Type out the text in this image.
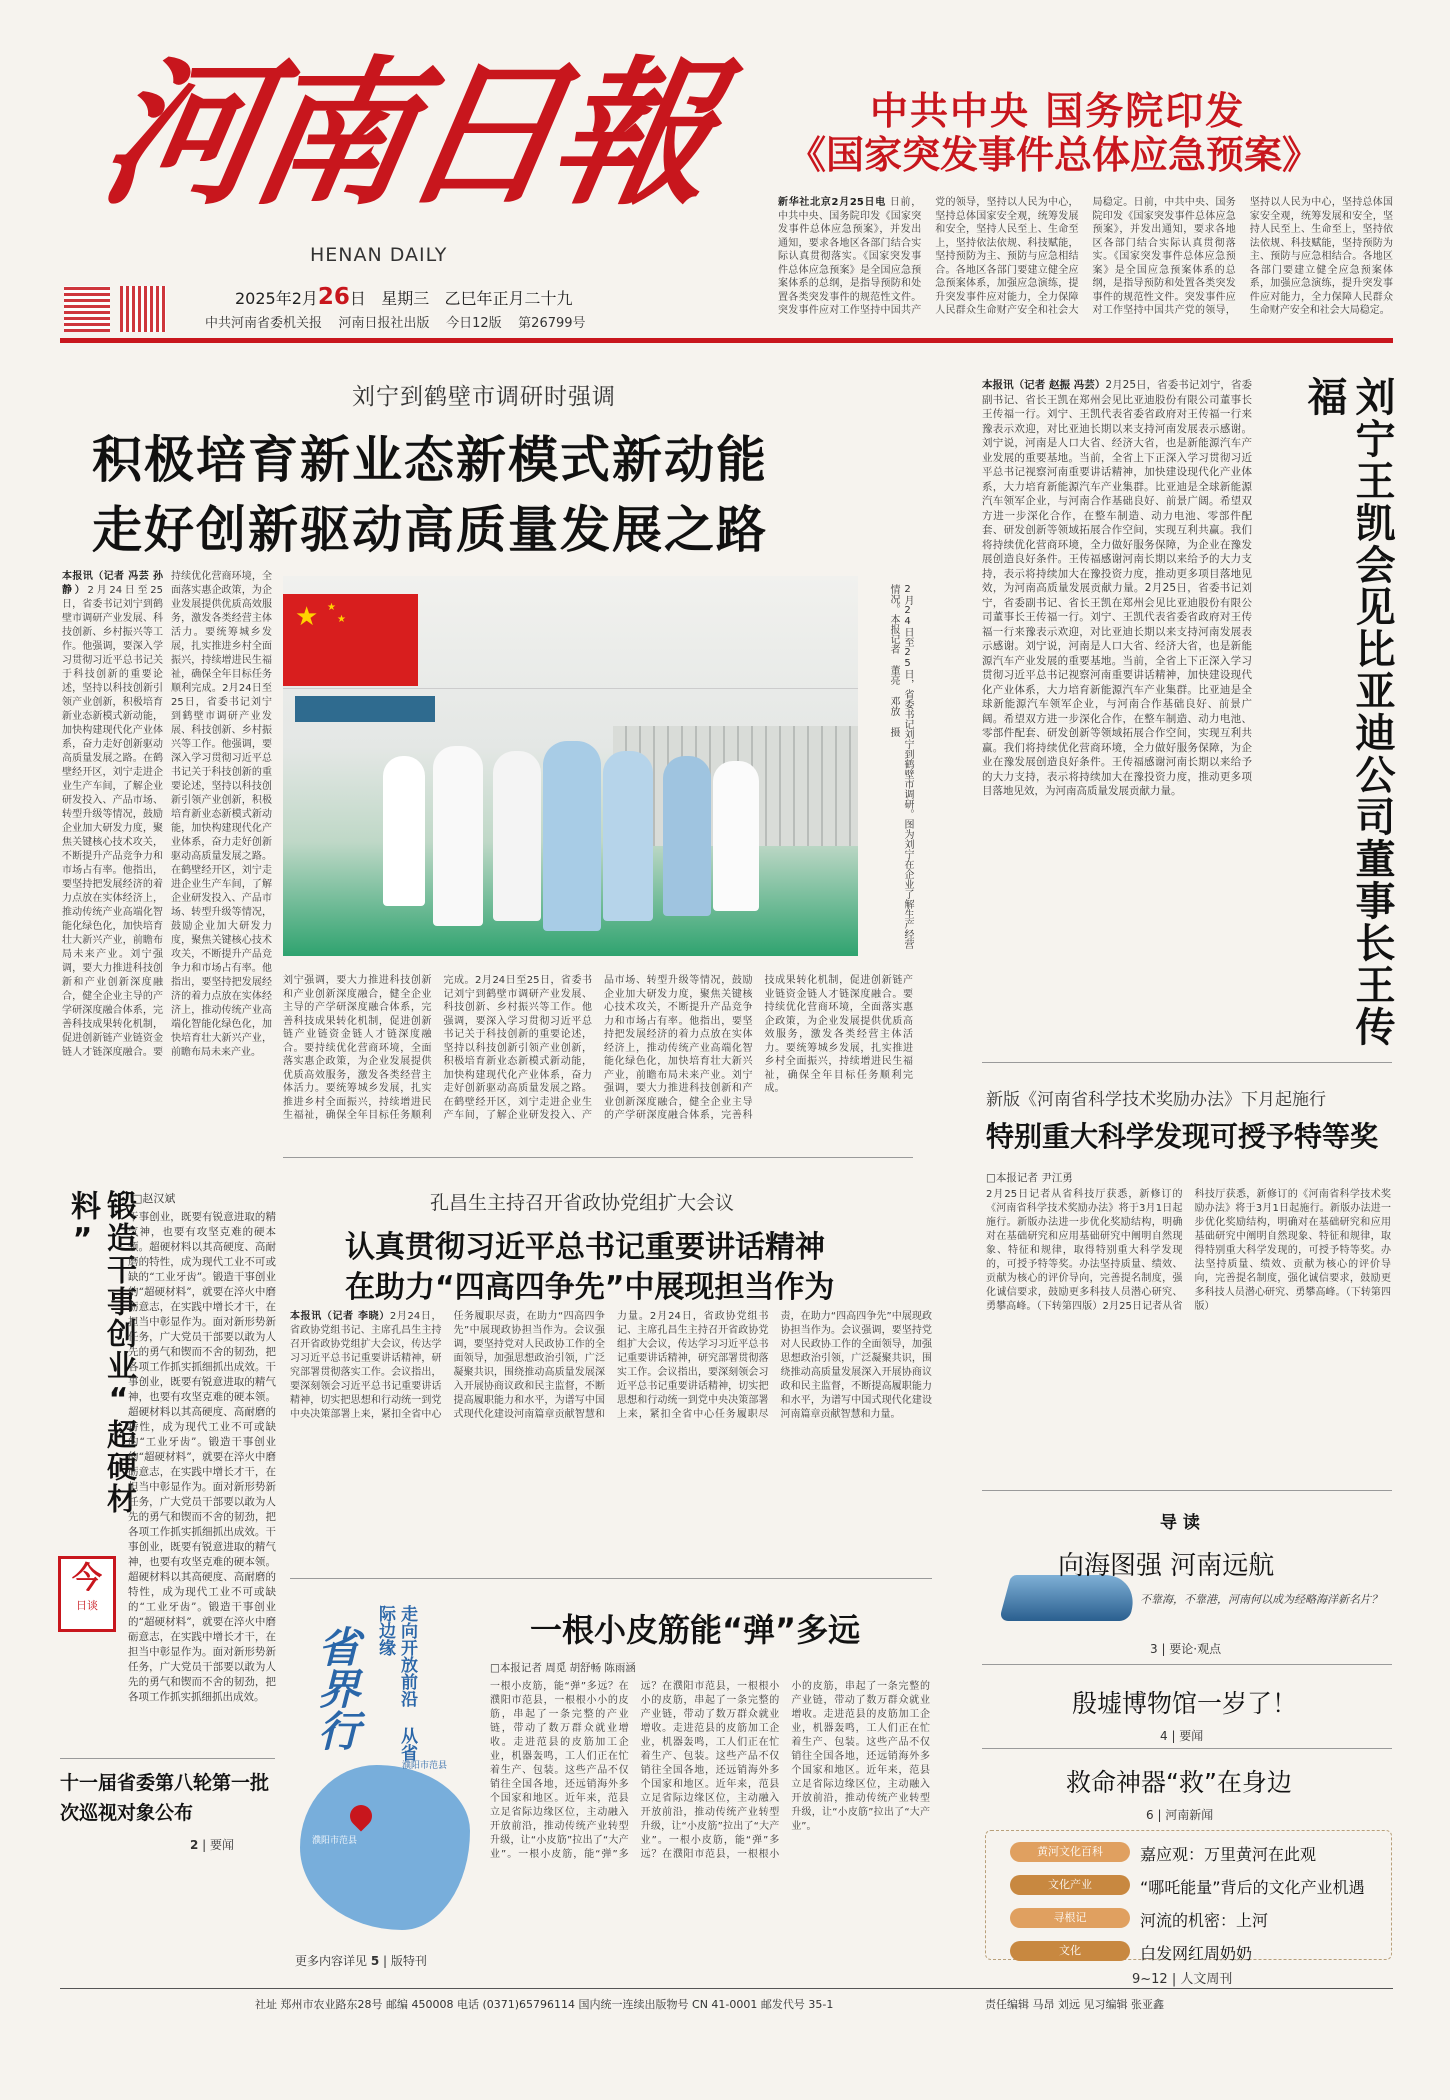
河南日報
HENAN DAILY
2025年2月26日 星期三 乙巳年正月二十九
中共河南省委机关报 河南日报社出版 今日12版 第26799号
中共中央 国务院印发
《国家突发事件总体应急预案》
新华社北京2月25日电 日前，中共中央、国务院印发《国家突发事件总体应急预案》，并发出通知，要求各地区各部门结合实际认真贯彻落实。《国家突发事件总体应急预案》是全国应急预案体系的总纲，是指导预防和处置各类突发事件的规范性文件。突发事件应对工作坚持中国共产党的领导，坚持以人民为中心，坚持总体国家安全观，统筹发展和安全，坚持人民至上、生命至上，坚持依法依规、科技赋能，坚持预防为主、预防与应急相结合。各地区各部门要建立健全应急预案体系，加强应急演练，提升突发事件应对能力，全力保障人民群众生命财产安全和社会大局稳定。日前，中共中央、国务院印发《国家突发事件总体应急预案》，并发出通知，要求各地区各部门结合实际认真贯彻落实。《国家突发事件总体应急预案》是全国应急预案体系的总纲，是指导预防和处置各类突发事件的规范性文件。突发事件应对工作坚持中国共产党的领导，坚持以人民为中心，坚持总体国家安全观，统筹发展和安全，坚持人民至上、生命至上，坚持依法依规、科技赋能，坚持预防为主、预防与应急相结合。各地区各部门要建立健全应急预案体系，加强应急演练，提升突发事件应对能力，全力保障人民群众生命财产安全和社会大局稳定。
刘宁到鹤壁市调研时强调
积极培育新业态新模式新动能
走好创新驱动高质量发展之路
本报讯（记者 冯芸 孙静）2月24日至25日，省委书记刘宁到鹤壁市调研产业发展、科技创新、乡村振兴等工作。他强调，要深入学习贯彻习近平总书记关于科技创新的重要论述，坚持以科技创新引领产业创新，积极培育新业态新模式新动能，加快构建现代化产业体系，奋力走好创新驱动高质量发展之路。在鹤壁经开区，刘宁走进企业生产车间，了解企业研发投入、产品市场、转型升级等情况，鼓励企业加大研发力度，聚焦关键核心技术攻关，不断提升产品竞争力和市场占有率。他指出，要坚持把发展经济的着力点放在实体经济上，推动传统产业高端化智能化绿色化，加快培育壮大新兴产业，前瞻布局未来产业。刘宁强调，要大力推进科技创新和产业创新深度融合，健全企业主导的产学研深度融合体系，完善科技成果转化机制，促进创新链产业链资金链人才链深度融合。要持续优化营商环境，全面落实惠企政策，为企业发展提供优质高效服务，激发各类经营主体活力。要统筹城乡发展，扎实推进乡村全面振兴，持续增进民生福祉，确保全年目标任务顺利完成。2月24日至25日，省委书记刘宁到鹤壁市调研产业发展、科技创新、乡村振兴等工作。他强调，要深入学习贯彻习近平总书记关于科技创新的重要论述，坚持以科技创新引领产业创新，积极培育新业态新模式新动能，加快构建现代化产业体系，奋力走好创新驱动高质量发展之路。在鹤壁经开区，刘宁走进企业生产车间，了解企业研发投入、产品市场、转型升级等情况，鼓励企业加大研发力度，聚焦关键核心技术攻关，不断提升产品竞争力和市场占有率。他指出，要坚持把发展经济的着力点放在实体经济上，推动传统产业高端化智能化绿色化，加快培育壮大新兴产业，前瞻布局未来产业。
★ ★
★	2月24日至25日，省委书记刘宁到鹤壁市调研。图为刘宁在企业了解生产经营情况。本报记者 董亮 邓放 摄
刘宁强调，要大力推进科技创新和产业创新深度融合，健全企业主导的产学研深度融合体系，完善科技成果转化机制，促进创新链产业链资金链人才链深度融合。要持续优化营商环境，全面落实惠企政策，为企业发展提供优质高效服务，激发各类经营主体活力。要统筹城乡发展，扎实推进乡村全面振兴，持续增进民生福祉，确保全年目标任务顺利完成。2月24日至25日，省委书记刘宁到鹤壁市调研产业发展、科技创新、乡村振兴等工作。他强调，要深入学习贯彻习近平总书记关于科技创新的重要论述，坚持以科技创新引领产业创新，积极培育新业态新模式新动能，加快构建现代化产业体系，奋力走好创新驱动高质量发展之路。在鹤壁经开区，刘宁走进企业生产车间，了解企业研发投入、产品市场、转型升级等情况，鼓励企业加大研发力度，聚焦关键核心技术攻关，不断提升产品竞争力和市场占有率。他指出，要坚持把发展经济的着力点放在实体经济上，推动传统产业高端化智能化绿色化，加快培育壮大新兴产业，前瞻布局未来产业。刘宁强调，要大力推进科技创新和产业创新深度融合，健全企业主导的产学研深度融合体系，完善科技成果转化机制，促进创新链产业链资金链人才链深度融合。要持续优化营商环境，全面落实惠企政策，为企业发展提供优质高效服务，激发各类经营主体活力。要统筹城乡发展，扎实推进乡村全面振兴，持续增进民生福祉，确保全年目标任务顺利完成。
本报讯（记者 赵振 冯芸）2月25日，省委书记刘宁，省委副书记、省长王凯在郑州会见比亚迪股份有限公司董事长王传福一行。刘宁、王凯代表省委省政府对王传福一行来豫表示欢迎，对比亚迪长期以来支持河南发展表示感谢。刘宁说，河南是人口大省、经济大省，也是新能源汽车产业发展的重要基地。当前，全省上下正深入学习贯彻习近平总书记视察河南重要讲话精神，加快建设现代化产业体系，大力培育新能源汽车产业集群。比亚迪是全球新能源汽车领军企业，与河南合作基础良好、前景广阔。希望双方进一步深化合作，在整车制造、动力电池、零部件配套、研发创新等领域拓展合作空间，实现互利共赢。我们将持续优化营商环境，全力做好服务保障，为企业在豫发展创造良好条件。王传福感谢河南长期以来给予的大力支持，表示将持续加大在豫投资力度，推动更多项目落地见效，为河南高质量发展贡献力量。2月25日，省委书记刘宁，省委副书记、省长王凯在郑州会见比亚迪股份有限公司董事长王传福一行。刘宁、王凯代表省委省政府对王传福一行来豫表示欢迎，对比亚迪长期以来支持河南发展表示感谢。刘宁说，河南是人口大省、经济大省，也是新能源汽车产业发展的重要基地。当前，全省上下正深入学习贯彻习近平总书记视察河南重要讲话精神，加快建设现代化产业体系，大力培育新能源汽车产业集群。比亚迪是全球新能源汽车领军企业，与河南合作基础良好、前景广阔。希望双方进一步深化合作，在整车制造、动力电池、零部件配套、研发创新等领域拓展合作空间，实现互利共赢。我们将持续优化营商环境，全力做好服务保障，为企业在豫发展创造良好条件。王传福感谢河南长期以来给予的大力支持，表示将持续加大在豫投资力度，推动更多项目落地见效，为河南高质量发展贡献力量。	刘宁王凯会见比亚迪公司董事长王传福
新版《河南省科学技术奖励办法》下月起施行
特别重大科学发现可授予特等奖
□本报记者 尹江勇
2月25日记者从省科技厅获悉，新修订的《河南省科学技术奖励办法》将于3月1日起施行。新版办法进一步优化奖励结构，明确对在基础研究和应用基础研究中阐明自然现象、特征和规律，取得特别重大科学发现的，可授予特等奖。办法坚持质量、绩效、贡献为核心的评价导向，完善提名制度，强化诚信要求，鼓励更多科技人员潜心研究、勇攀高峰。（下转第四版）2月25日记者从省科技厅获悉，新修订的《河南省科学技术奖励办法》将于3月1日起施行。新版办法进一步优化奖励结构，明确对在基础研究和应用基础研究中阐明自然现象、特征和规律，取得特别重大科学发现的，可授予特等奖。办法坚持质量、绩效、贡献为核心的评价导向，完善提名制度，强化诚信要求，鼓励更多科技人员潜心研究、勇攀高峰。（下转第四版）
锻造干事创业“超硬材料”
今
日谈
□赵汉斌
干事创业，既要有锐意进取的精气神，也要有攻坚克难的硬本领。超硬材料以其高硬度、高耐磨的特性，成为现代工业不可或缺的“工业牙齿”。锻造干事创业的“超硬材料”，就要在淬火中磨砺意志，在实践中增长才干，在担当中彰显作为。面对新形势新任务，广大党员干部要以敢为人先的勇气和锲而不舍的韧劲，把各项工作抓实抓细抓出成效。干事创业，既要有锐意进取的精气神，也要有攻坚克难的硬本领。超硬材料以其高硬度、高耐磨的特性，成为现代工业不可或缺的“工业牙齿”。锻造干事创业的“超硬材料”，就要在淬火中磨砺意志，在实践中增长才干，在担当中彰显作为。面对新形势新任务，广大党员干部要以敢为人先的勇气和锲而不舍的韧劲，把各项工作抓实抓细抓出成效。干事创业，既要有锐意进取的精气神，也要有攻坚克难的硬本领。超硬材料以其高硬度、高耐磨的特性，成为现代工业不可或缺的“工业牙齿”。锻造干事创业的“超硬材料”，就要在淬火中磨砺意志，在实践中增长才干，在担当中彰显作为。面对新形势新任务，广大党员干部要以敢为人先的勇气和锲而不舍的韧劲，把各项工作抓实抓细抓出成效。
十一届省委第八轮第一批次巡视对象公布
2 | 要闻
孔昌生主持召开省政协党组扩大会议
认真贯彻习近平总书记重要讲话精神
在助力“四高四争先”中展现担当作为
本报讯（记者 李晓）2月24日，省政协党组书记、主席孔昌生主持召开省政协党组扩大会议，传达学习习近平总书记重要讲话精神，研究部署贯彻落实工作。会议指出，要深刻领会习近平总书记重要讲话精神，切实把思想和行动统一到党中央决策部署上来，紧扣全省中心任务履职尽责，在助力“四高四争先”中展现政协担当作为。会议强调，要坚持党对人民政协工作的全面领导，加强思想政治引领，广泛凝聚共识，围绕推动高质量发展深入开展协商议政和民主监督，不断提高履职能力和水平，为谱写中国式现代化建设河南篇章贡献智慧和力量。2月24日，省政协党组书记、主席孔昌生主持召开省政协党组扩大会议，传达学习习近平总书记重要讲话精神，研究部署贯彻落实工作。会议指出，要深刻领会习近平总书记重要讲话精神，切实把思想和行动统一到党中央决策部署上来，紧扣全省中心任务履职尽责，在助力“四高四争先”中展现政协担当作为。会议强调，要坚持党对人民政协工作的全面领导，加强思想政治引领，广泛凝聚共识，围绕推动高质量发展深入开展协商议政和民主监督，不断提高履职能力和水平，为谱写中国式现代化建设河南篇章贡献智慧和力量。
濮阳市范县
省界行	走向开放前沿 从省际边缘
濮阳市范县
更多内容详见 5 | 版特刊
一根小皮筋能“弹”多远
□本报记者 周觅 胡舒畅 陈雨涵
一根小皮筋，能“弹”多远？在濮阳市范县，一根根小小的皮筋，串起了一条完整的产业链，带动了数万群众就业增收。走进范县的皮筋加工企业，机器轰鸣，工人们正在忙着生产、包装。这些产品不仅销往全国各地，还远销海外多个国家和地区。近年来，范县立足省际边缘区位，主动融入开放前沿，推动传统产业转型升级，让“小皮筋”拉出了“大产业”。一根小皮筋，能“弹”多远？在濮阳市范县，一根根小小的皮筋，串起了一条完整的产业链，带动了数万群众就业增收。走进范县的皮筋加工企业，机器轰鸣，工人们正在忙着生产、包装。这些产品不仅销往全国各地，还远销海外多个国家和地区。近年来，范县立足省际边缘区位，主动融入开放前沿，推动传统产业转型升级，让“小皮筋”拉出了“大产业”。一根小皮筋，能“弹”多远？在濮阳市范县，一根根小小的皮筋，串起了一条完整的产业链，带动了数万群众就业增收。走进范县的皮筋加工企业，机器轰鸣，工人们正在忙着生产、包装。这些产品不仅销往全国各地，还远销海外多个国家和地区。近年来，范县立足省际边缘区位，主动融入开放前沿，推动传统产业转型升级，让“小皮筋”拉出了“大产业”。
导 读
向海图强 河南远航
不靠海，不靠港，河南何以成为经略海洋新名片？
3 | 要论·观点
殷墟博物馆一岁了！
4 | 要闻
救命神器“救”在身边
6 | 河南新闻
黄河文化百科	嘉应观：万里黄河在此观
文化产业	“哪吒能量”背后的文化产业机遇
寻根记	河流的机密：上河
文化	白发网红周奶奶
9~12 | 人文周刊
社址 郑州市农业路东28号 邮编 450008 电话 (0371)65796114 国内统一连续出版物号 CN 41-0001 邮发代号 35-1	责任编辑 马昂 刘远 见习编辑 张亚鑫
